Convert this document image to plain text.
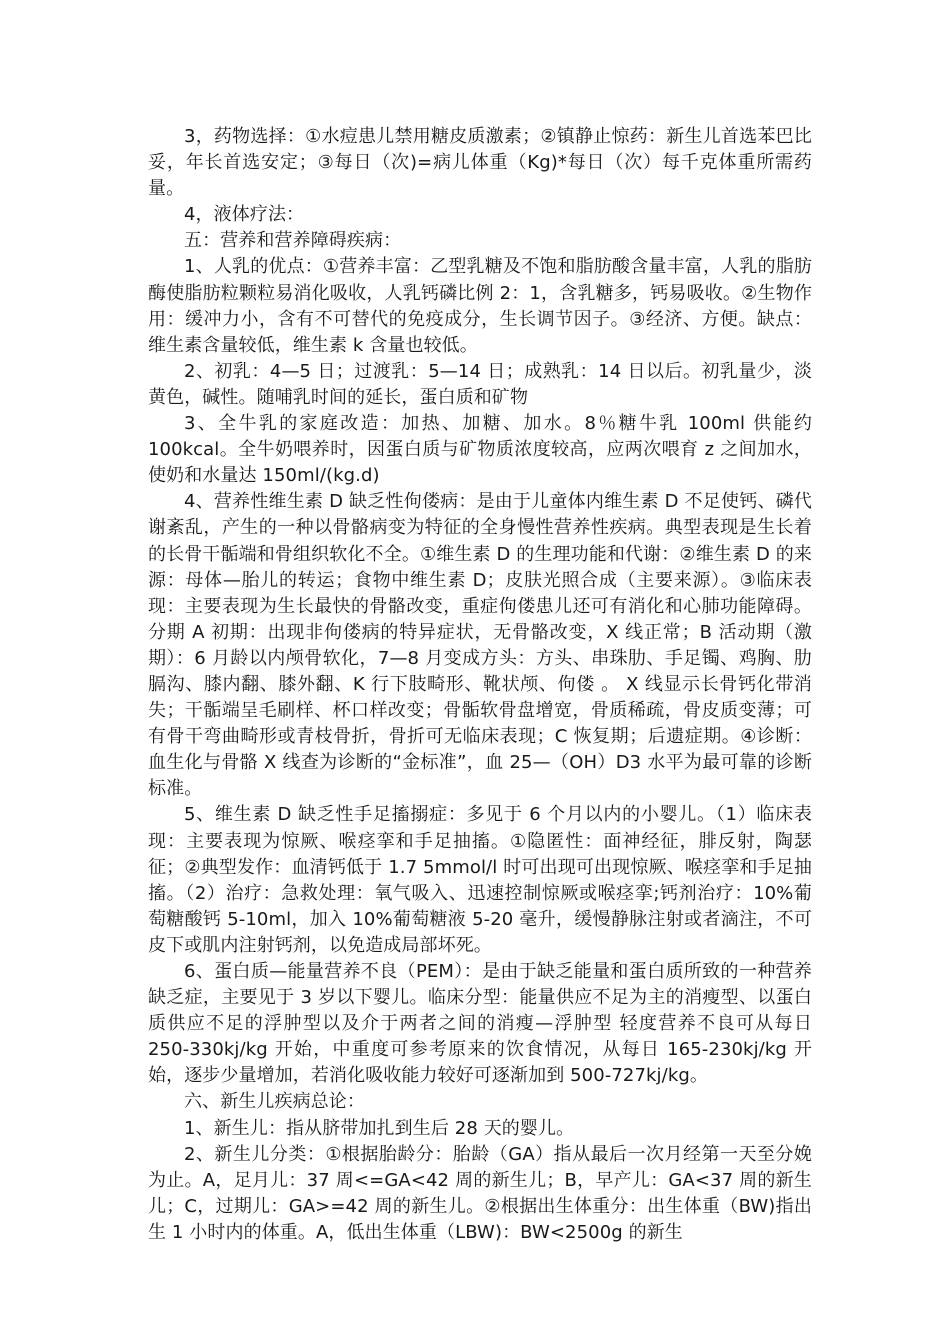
3，药物选择：①水痘患儿禁用糖皮质激素；②镇静止惊药：新生儿首选苯巴比妥，年长首选安定；③每日（次)=病儿体重（Kg)*每日（次）每千克体重所需药量。

4，液体疗法：

五：营养和营养障碍疾病：

1、人乳的优点：①营养丰富：乙型乳糖及不饱和脂肪酸含量丰富，人乳的脂肪酶使脂肪粒颗粒易消化吸收，人乳钙磷比例 2：1，含乳糖多，钙易吸收。②生物作用：缓冲力小，含有不可替代的免疫成分，生长调节因子。③经济、方便。缺点：维生素含量较低，维生素 k 含量也较低。

2、初乳：4—5 日；过渡乳：5—14 日；成熟乳：14 日以后。初乳量少，淡黄色，碱性。随哺乳时间的延长，蛋白质和矿物

3、全牛乳的家庭改造：加热、加糖、加水。8％糖牛乳 100ml 供能约 100kcal。全牛奶喂养时，因蛋白质与矿物质浓度较高，应两次喂育 z 之间加水，使奶和水量达 150ml/(kg.d)

4、营养性维生素 D 缺乏性佝偻病：是由于儿童体内维生素 D 不足使钙、磷代谢紊乱，产生的一种以骨骼病变为特征的全身慢性营养性疾病。典型表现是生长着的长骨干骺端和骨组织软化不全。①维生素 D 的生理功能和代谢：②维生素 D 的来源：母体—胎儿的转运；食物中维生素 D；皮肤光照合成（主要来源）。③临床表现：主要表现为生长最快的骨骼改变，重症佝偻患儿还可有消化和心肺功能障碍。分期 A 初期：出现非佝偻病的特异症状，无骨骼改变，X 线正常；B 活动期（激期）：6 月龄以内颅骨软化，7—8 月变成方头：方头、串珠肋、手足镯、鸡胸、肋膈沟、膝内翻、膝外翻、K 行下肢畸形、靴状颅、佝偻 。 X 线显示长骨钙化带消失；干骺端呈毛刷样、杯口样改变；骨骺软骨盘增宽，骨质稀疏，骨皮质变薄；可有骨干弯曲畸形或青枝骨折，骨折可无临床表现；C 恢复期；后遗症期。④诊断：血生化与骨骼 X 线查为诊断的“金标准”，血 25—（OH）D3 水平为最可靠的诊断标准。

5、维生素 D 缺乏性手足搐搦症：多见于 6 个月以内的小婴儿。（1）临床表现：主要表现为惊厥、喉痉挛和手足抽搐。①隐匿性：面神经征，腓反射，陶瑟征；②典型发作：血清钙低于 1.7 5mmol/l 时可出现可出现惊厥、喉痉挛和手足抽搐。（2）治疗：急救处理：氧气吸入、迅速控制惊厥或喉痉挛;钙剂治疗：10%葡萄糖酸钙 5-10ml，加入 10%葡萄糖液 5-20 毫升，缓慢静脉注射或者滴注，不可皮下或肌内注射钙剂，以免造成局部坏死。

6、蛋白质—能量营养不良（PEM）：是由于缺乏能量和蛋白质所致的一种营养缺乏症，主要见于 3 岁以下婴儿。临床分型：能量供应不足为主的消瘦型、以蛋白质供应不足的浮肿型以及介于两者之间的消瘦—浮肿型 轻度营养不良可从每日 250-330kj/kg 开始，中重度可参考原来的饮食情况，从每日 165-230kj/kg 开始，逐步少量增加，若消化吸收能力较好可逐渐加到 500-727kj/kg。

六、新生儿疾病总论：

1、新生儿：指从脐带加扎到生后 28 天的婴儿。

2、新生儿分类：①根据胎龄分：胎龄（GA）指从最后一次月经第一天至分娩为止。A，足月儿：37 周<=GA<42 周的新生儿；B，早产儿：GA<37 周的新生儿；C，过期儿：GA>=42 周的新生儿。②根据出生体重分：出生体重（BW)指出生 1 小时内的体重。A，低出生体重（LBW)：BW<2500g 的新生
